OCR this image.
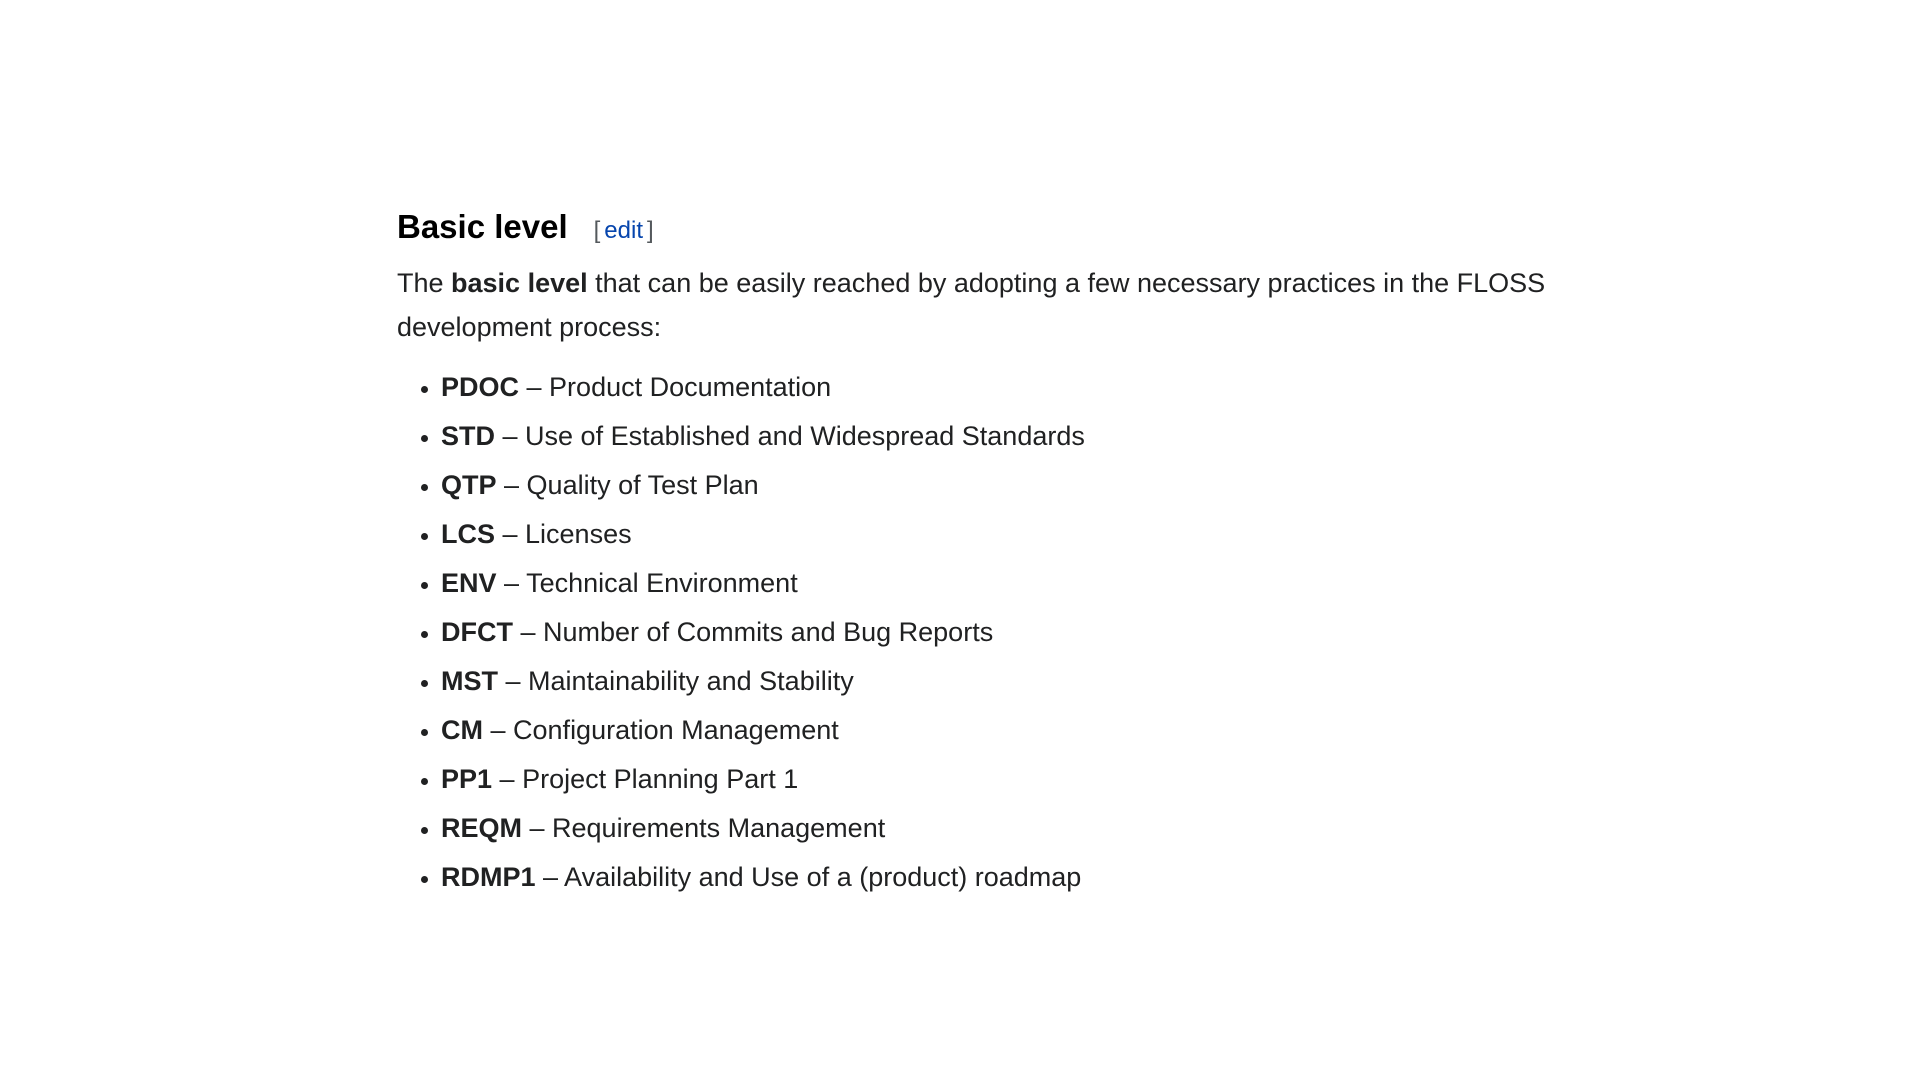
Basic level [ edit ]

The basic level that can be easily reached by adopting a few necessary practices in the FLOSS development process:

PDOC – Product Documentation
STD – Use of Established and Widespread Standards
QTP – Quality of Test Plan
LCS – Licenses
ENV – Technical Environment
DFCT – Number of Commits and Bug Reports
MST – Maintainability and Stability
CM – Configuration Management
PP1 – Project Planning Part 1
REQM – Requirements Management
RDMP1 – Availability and Use of a (product) roadmap
